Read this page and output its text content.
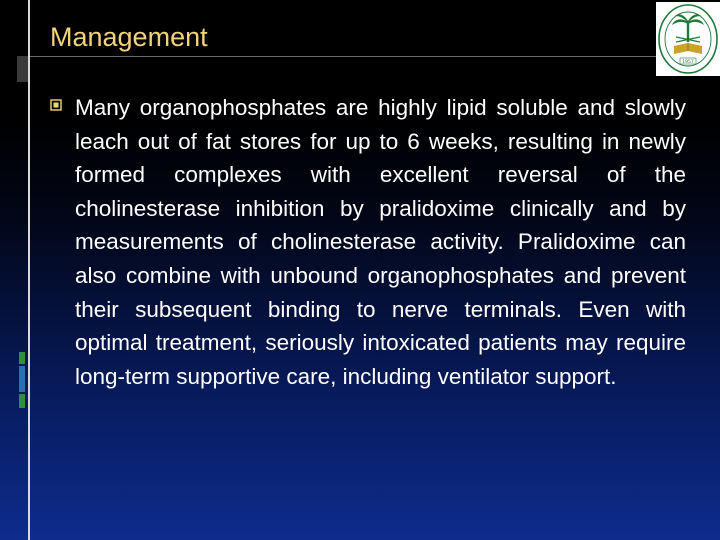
Management
1957

Many organophosphates are highly lipid soluble and slowly leach out of fat stores for up to 6 weeks, resulting in newly formed complexes with excellent reversal of the cholinesterase inhibition by pralidoxime clinically and by measurements of cholinesterase activity. Pralidoxime can also combine with unbound organophosphates and prevent their subsequent binding to nerve terminals. Even with optimal treatment, seriously intoxicated patients may require long-term supportive care, including ventilator support.
